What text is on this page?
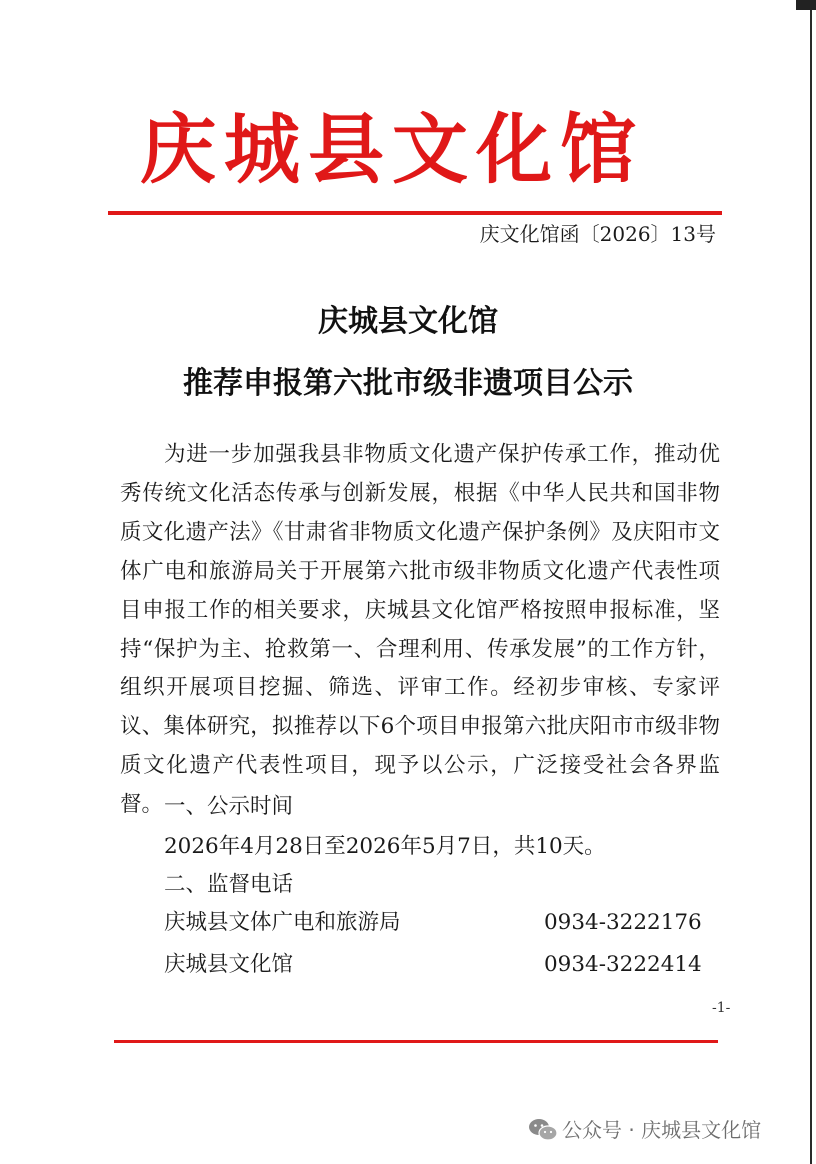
庆城县文化馆
庆文化馆函〔2026〕13号
庆城县文化馆
推荐申报第六批市级非遗项目公示
为进一步加强我县非物质文化遗产保护传承工作，推动优秀传统文化活态传承与创新发展，根据《中华人民共和国非物质文化遗产法》《甘肃省非物质文化遗产保护条例》及庆阳市文体广电和旅游局关于开展第六批市级非物质文化遗产代表性项目申报工作的相关要求，庆城县文化馆严格按照申报标准，坚持“保护为主、抢救第一、合理利用、传承发展”的工作方针，组织开展项目挖掘、筛选、评审工作。经初步审核、专家评议、集体研究，拟推荐以下6个项目申报第六批庆阳市市级非物质文化遗产代表性项目，现予以公示，广泛接受社会各界监督。 一、公示时间
2026年4月28日至2026年5月7日，共10天。
二、监督电话
庆城县文体广电和旅游局	0934-3222176
庆城县文化馆	0934-3222414
-1-
公众号 · 庆城县文化馆
